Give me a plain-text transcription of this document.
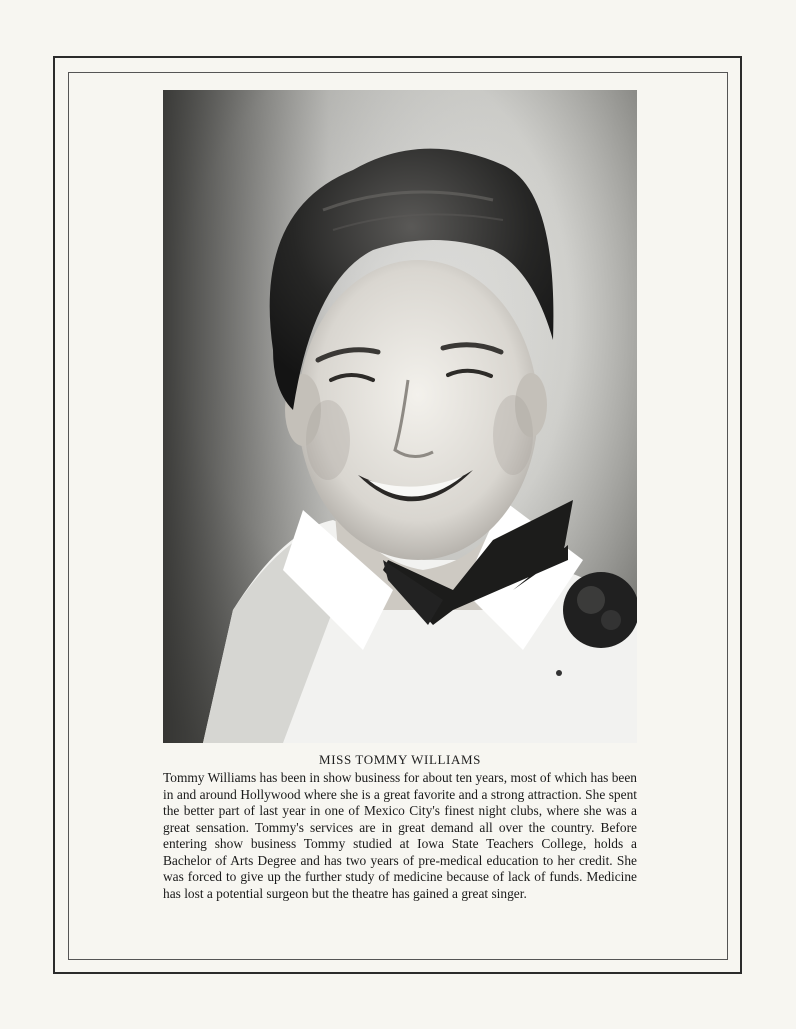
MISS TOMMY WILLIAMS

Tommy Williams has been in show business for about ten years, most of which has been in and around Hollywood where she is a great favorite and a strong attraction. She spent the better part of last year in one of Mexico City's finest night clubs, where she was a great sensation. Tommy's services are in great demand all over the country. Before entering show business Tommy studied at Iowa State Teachers College, holds a Bachelor of Arts Degree and has two years of pre-medical education to her credit. She was forced to give up the further study of medicine because of lack of funds. Medicine has lost a potential surgeon but the theatre has gained a great singer.
